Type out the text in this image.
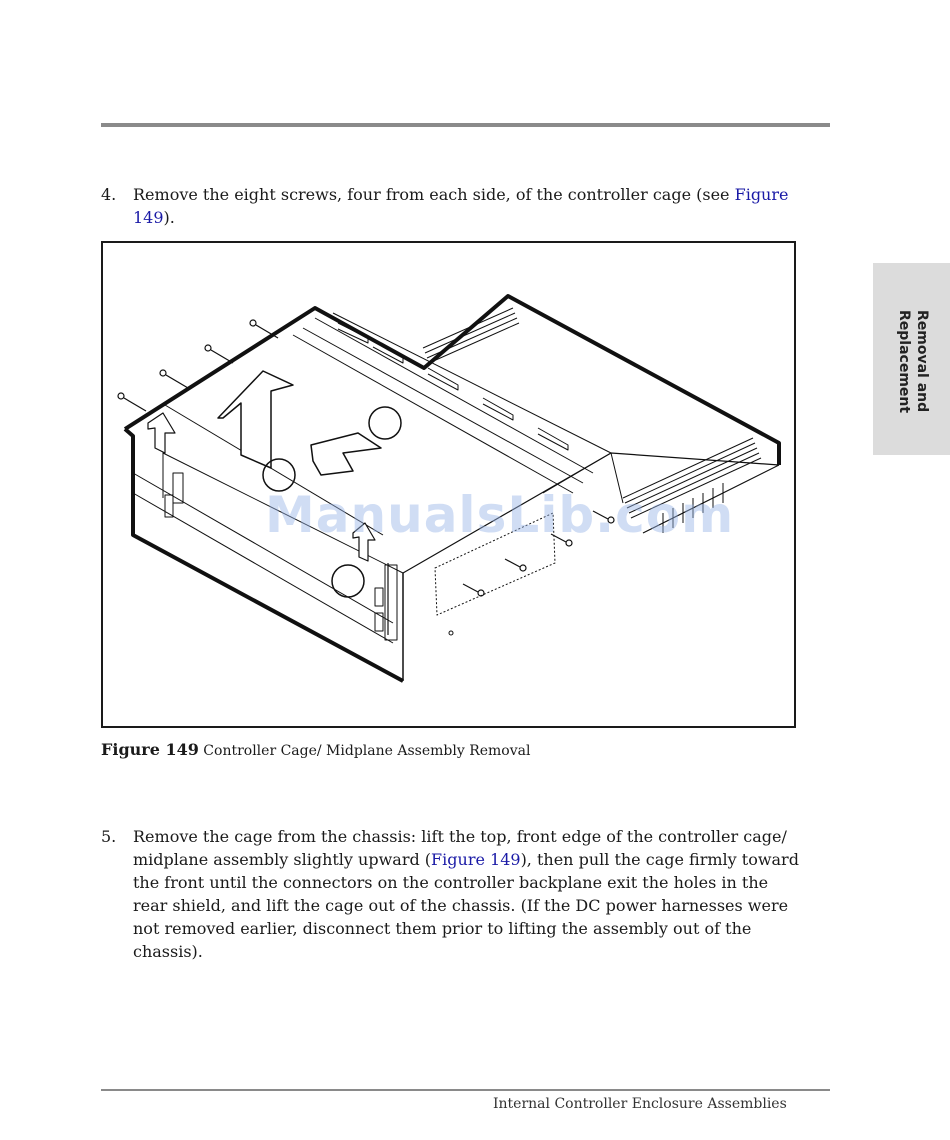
4.	Remove the eight screws, four from each side, of the controller cage (see Figure 149).
ManualsLib.com
Figure 149 Controller Cage/ Midplane Assembly Removal
5.	Remove the cage from the chassis: lift the top, front edge of the controller cage/ midplane assembly slightly upward (Figure 149), then pull the cage firmly toward the front until the connectors on the controller backplane exit the holes in the rear shield, and lift the cage out of the chassis. (If the DC power harnesses were not removed earlier, disconnect them prior to lifting the assembly out of the chassis).
Removal and
Replacement
Internal Controller Enclosure Assemblies
